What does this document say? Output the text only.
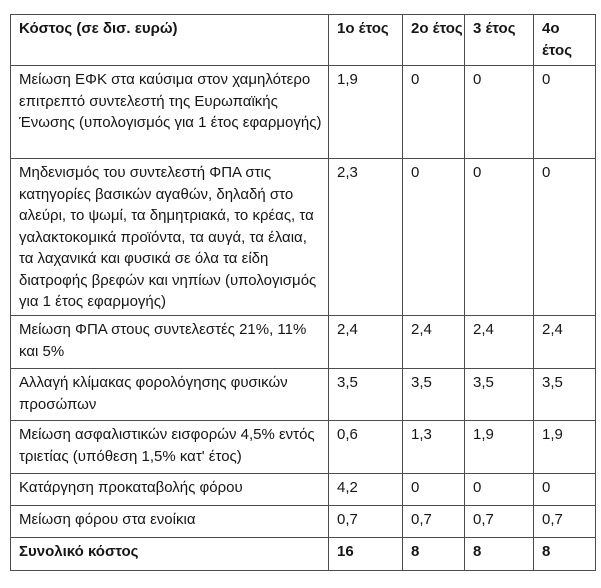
Κόστος (σε δισ. ευρώ)	1ο έτος	2ο έτος	3 έτος	4ο έτος
Μείωση ΕΦΚ στα καύσιμα στον χαμηλότερο επιτρεπτό συντελεστή της Ευρωπαϊκής Ένωσης (υπολογισμός για 1 έτος εφαρμογής)	1,9	0	0	0
Μηδενισμός του συντελεστή ΦΠΑ στις κατηγορίες βασικών αγαθών, δηλαδή στο αλεύρι, το ψωμί, τα δημητριακά, το κρέας, τα γαλακτοκομικά προϊόντα, τα αυγά, τα έλαια, τα λαχανικά και φυσικά σε όλα τα είδη διατροφής βρεφών και νηπίων (υπολογισμός για 1 έτος εφαρμογής)	2,3	0	0	0
Μείωση ΦΠΑ στους συντελεστές 21%, 11% και 5%	2,4	2,4	2,4	2,4
Αλλαγή κλίμακας φορολόγησης φυσικών προσώπων	3,5	3,5	3,5	3,5
Μείωση ασφαλιστικών εισφορών 4,5% εντός τριετίας (υπόθεση 1,5% κατ' έτος)	0,6	1,3	1,9	1,9
Κατάργηση προκαταβολής φόρου	4,2	0	0	0
Μείωση φόρου στα ενοίκια	0,7	0,7	0,7	0,7
Συνολικό κόστος	16	8	8	8
